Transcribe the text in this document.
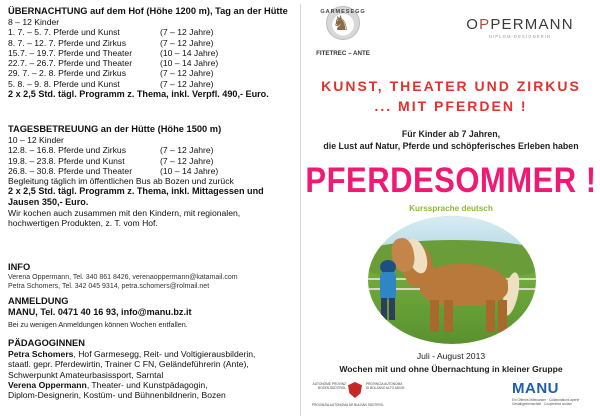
ÜBERNACHTUNG auf dem Hof (Höhe 1200 m), Tag an der Hütte
8 – 12 Kinder
1. 7. – 5. 7. Pferde und Kunst	(7 – 12 Jahre)
8. 7. – 12. 7. Pferde und Zirkus	(7 – 12 Jahre)
15.7. – 19.7. Pferde und Theater	(10 – 14 Jahre)
22.7. – 26.7. Pferde und Theater	(10 – 14 Jahre)
29. 7. – 2. 8. Pferde und Zirkus	(7 – 12 Jahre)
5. 8. – 9. 8. Pferde und Kunst	(7 – 12 Jahre)
2 x 2,5 Std. tägl. Programm z. Thema, inkl. Verpfl. 490,- Euro.
TAGESBETREUUNG an der Hütte (Höhe 1500 m)
10 – 12 Kinder
12.8. – 16.8. Pferde und Zirkus	(7 – 12 Jahre)
19.8. – 23.8. Pferde und Kunst	(7 – 12 Jahre)
26.8. – 30.8. Pferde und Theater	(10 – 14 Jahre)
Begleitung täglich im öffentlichen Bus ab Bozen und zurück
2 x 2,5 Std. tägl. Programm z. Thema, inkl. Mittagessen und
Jausen 350,- Euro.
Wir kochen auch zusammen mit den Kindern, mit regionalen,
hochwertigen Produkten, z. T. vom Hof.
INFO
Verena Oppermann, Tel. 340 861 8426, verenaoppermann@katamail.com
Petra Schomers, Tel. 342 045 9314, petra.schomers@rolmail.net
ANMELDUNG
MANU, Tel. 0471 40 16 93, info@manu.bz.it
Bei zu wenigen Anmeldungen können Wochen entfallen.
PÄDAGOGINNEN
Petra Schomers, Hof Garmesegg, Reit- und Voltigierausbilderin,
staatl. gepr. Pferdewirtin, Trainer C FN, Geländeführerin (Ante),
Schwerpunkt Amateurbasissport, Sarntal
Verena Oppermann, Theater- und Kunstpädagogin,
Diplom-Designerin, Kostüm- und Bühnenbildnerin, Bozen
GARMESEGG
♞
FITETREC – ANTE
OPPERMANN
DIPLOM-DESIGNERIN
KUNST, THEATER UND ZIRKUS
... MIT PFERDEN !
Für Kinder ab 7 Jahren,
die Lust auf Natur, Pferde und schöpferisches Erleben haben
PFERDESOMMER !
Kurssprache deutsch
Juli - August 2013
Wochen mit und ohne Übernachtung in kleiner Gruppe
AUTONOME PROVINZ BOZEN SÜDTIROL
PROVINCIA AUTONOMA DI BOLZANO ALTO ADIGE
PROVINZIA AUTONOMA DE BULSAN SÜDTIROL
MANU
Ein Offenes Miteinander · Collaborations aperte Gestaltgemeinschaft · Cooperativa sociale
